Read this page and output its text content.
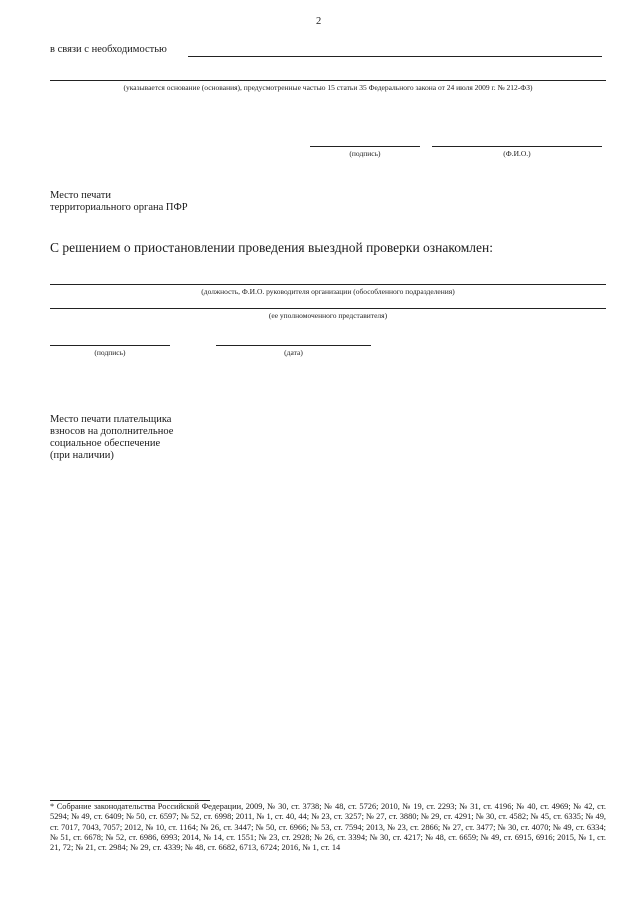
2
в связи с необходимостью
(указывается основание (основания), предусмотренные частью 15 статьи 35 Федерального закона от 24 июля 2009 г. № 212-ФЗ)
(подпись)	(Ф.И.О.)
Место печати
территориального органа ПФР
С решением о приостановлении проведения выездной проверки ознакомлен:
(должность, Ф.И.О. руководителя организации (обособленного подразделения)
(ее уполномоченного представителя)
(подпись)	(дата)
Место печати плательщика
взносов на дополнительное
социальное обеспечение
(при наличии)
* Собрание законодательства Российской Федерации, 2009, № 30, ст. 3738; № 48, ст. 5726; 2010, № 19, ст. 2293; № 31, ст. 4196; № 40, ст. 4969; № 42, ст. 5294; № 49, ст. 6409; № 50, ст. 6597; № 52, ст. 6998; 2011, № 1, ст. 40, 44; № 23, ст. 3257; № 27, ст. 3880; № 29, ст. 4291; № 30, ст. 4582; № 45, ст. 6335; № 49, ст. 7017, 7043, 7057; 2012, № 10, ст. 1164; № 26, ст. 3447; № 50, ст. 6966; № 53, ст. 7594; 2013, № 23, ст. 2866; № 27, ст. 3477; № 30, ст. 4070; № 49, ст. 6334; № 51, ст. 6678; № 52, ст. 6986, 6993; 2014, № 14, ст. 1551; № 23, ст. 2928; № 26, ст. 3394; № 30, ст. 4217; № 48, ст. 6659; № 49, ст. 6915, 6916; 2015, № 1, ст. 21, 72; № 21, ст. 2984; № 29, ст. 4339; № 48, ст. 6682, 6713, 6724; 2016, № 1, ст. 14
